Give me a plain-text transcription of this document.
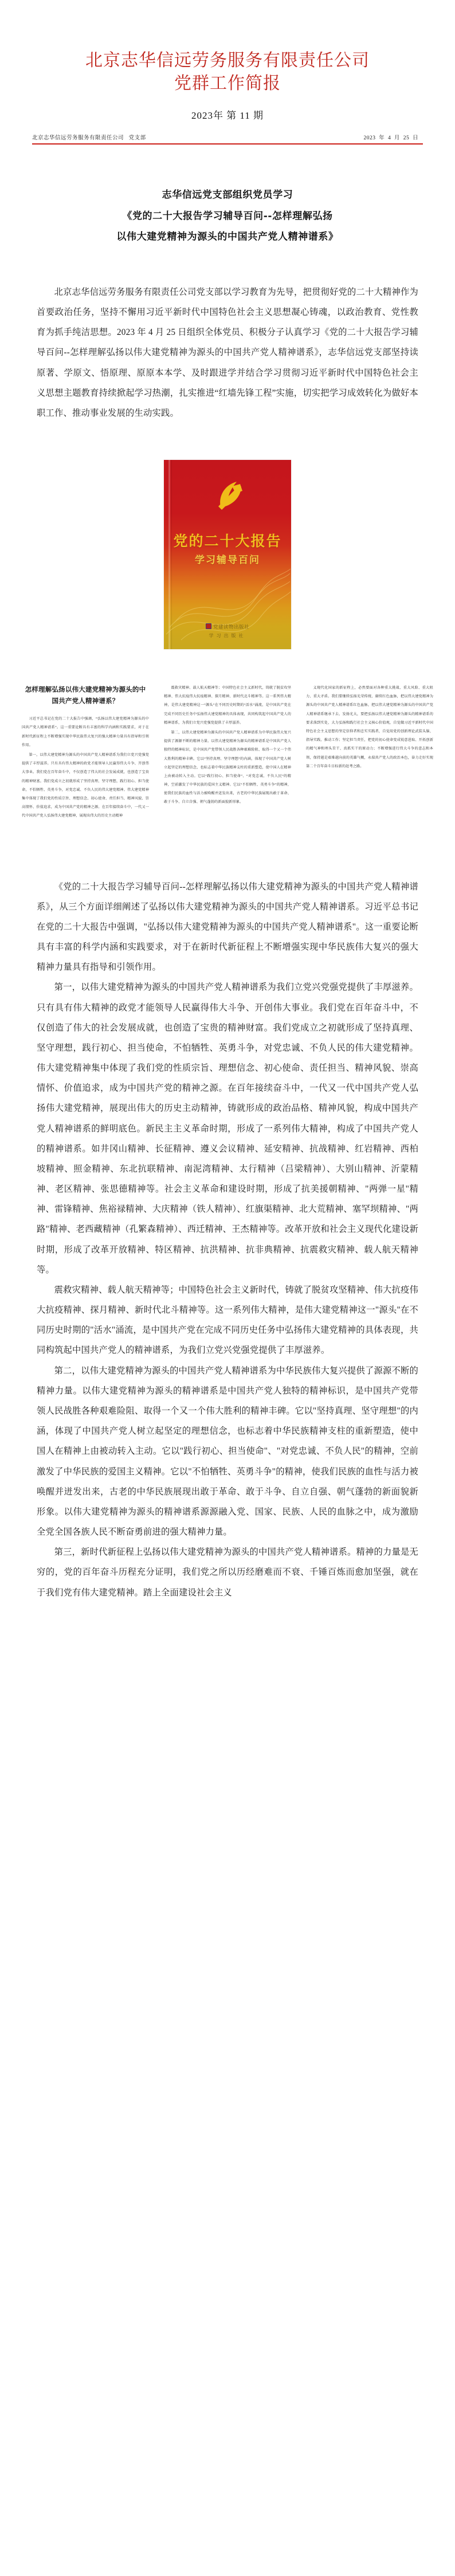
北京志华信远劳务服务有限责任公司
党群工作简报
2023年 第 11 期
北京志华信远劳务服务有限责任公司   党支部	2023  年  4  月  25  日
志华信远党支部组织党员学习
《党的二十大报告学习辅导百问--怎样理解弘扬
以伟大建党精神为源头的中国共产党人精神谱系》

北京志华信远劳务服务有限责任公司党支部以学习教育为先导，把贯彻好党的二十大精神作为首要政治任务，坚持不懈用习近平新时代中国特色社会主义思想凝心铸魂，以政治教育、党性教育为抓手纯洁思想。2023 年 4 月 25 日组织全体党员、积极分子认真学习《党的二十大报告学习辅导百问--怎样理解弘扬以伟大建党精神为源头的中国共产党人精神谱系》，志华信远党支部坚持读原著、学原文、悟原理、原原本本学、及时跟进学并结合学习贯彻习近平新时代中国特色社会主义思想主题教育持续掀起学习热潮，扎实推进“红墙先锋工程”实施，切实把学习成效转化为做好本职工作、推动事业发展的生动实践。

党的二十大报告
学习辅导百问
党建读物出版社
学习出版社
怎样理解弘扬以伟大建党精神为源头的中国共产党人精神谱系？

习近平总书记在党的二十大报告中强调，“弘扬以伟大建党精神为源头的中国共产党人精神谱系”。这一重要论断具有丰富的科学内涵和实践要求，对于在新时代新征程上不断增强实现中华民族伟大复兴的强大精神力量具有指导和引领作用。

第一，以伟大建党精神为源头的中国共产党人精神谱系为我们立党兴党强党提供了丰厚滋养。只有具有伟大精神的政党才能领导人民赢得伟大斗争、开创伟大事业。我们党在百年奋斗中，不仅创造了伟大的社会发展成就，也创造了宝贵的精神财富。我们党成立之初就形成了坚持真理、坚守理想，践行初心、担当使命，不怕牺牲、英勇斗争，对党忠诚、不负人民的伟大建党精神。伟大建党精神集中体现了我们党的性质宗旨、理想信念、初心使命、责任担当、精神风貌、崇高情怀、价值追求，成为中国共产党的精神之源。在百年接续奋斗中，一代又一代中国共产党人弘扬伟大建党精神，展现出伟大的历史主动精神

震救灾精神、载人航天精神等；中国特色社会主义新时代，铸就了脱贫攻坚精神、伟大抗疫伟大抗疫精神、探月精神、新时代北斗精神等。这一系列伟大精神，是伟大建党精神这一“源头”在不同历史时期的“活水”涌流，是中国共产党在完成不同历史任务中弘扬伟大建党精神的具体表现，共同构筑起中国共产党人的精神谱系，为我们立党兴党强党提供了丰厚滋养。

第二，以伟大建党精神为源头的中国共产党人精神谱系为中华民族伟大复兴提供了源源不断的精神力量。以伟大建党精神为源头的精神谱系是中国共产党人独特的精神标识，是中国共产党带领人民战胜各种艰难险阻、取得一个又一个伟大胜利的精神丰碑。它以“坚持真理、坚守理想”的内涵，体现了中国共产党人树立起坚定的理想信念，也标志着中华民族精神支柱的重新塑造，使中国人在精神上由被动转入主动。它以“践行初心、担当使命”、“对党忠诚、不负人民”的精神，空前激发了中华民族的爱国主义精神。它以“不怕牺牲、英勇斗争”的精神，使我们民族的血性与活力被唤醒并迸发出来，古老的中华民族展现出敢于革命、敢于斗争、自立自强、朝气蓬勃的新面貌新形象。

义现代化国家的新征程上，必然要面对各种重大挑战、重大风险、重大阻力、重大矛盾。我们要继续弘扬光荣传统、赓续红色血脉，把以伟大建党精神为源头的中国共产党人精神谱系红色血脉，把以伟大建党精神为源头的中国共产党人精神谱系继承下去、发扬光大，要把弘扬以伟大建党精神为源头的精神谱系的要求落到实处，大力弘扬和践行社会主义核心价值观，自觉做习近平新时代中国特色社会主义思想的坚定信仰者和忠实实践者，自觉用党的创新理论武装头脑、指导实践、推动工作；坚定担当责任，把党的初心使命变成锐意进取、开拓创新的精气神和埋头苦干、真抓实干的原动力；不断增强进行伟大斗争的意志和本领，保持越是艰难越向前的英雄气概，永葆共产党人的政治本色，奋力走好实现第二个百年奋斗目标新的赶考之路。

《党的二十大报告学习辅导百问--怎样理解弘扬以伟大建党精神为源头的中国共产党人精神谱系》，从三个方面详细阐述了弘扬以伟大建党精神为源头的中国共产党人精神谱系。习近平总书记在党的二十大报告中强调，"弘扬以伟大建党精神为源头的中国共产党人精神谱系"。这一重要论断具有丰富的科学内涵和实践要求，对于在新时代新征程上不断增强实现中华民族伟大复兴的强大精神力量具有指导和引领作用。

第一，以伟大建党精神为源头的中国共产党人精神谱系为我们立党兴党强党提供了丰厚滋养。只有具有伟大精神的政党才能领导人民赢得伟大斗争、开创伟大事业。我们党在百年奋斗中，不仅创造了伟大的社会发展成就，也创造了宝贵的精神财富。我们党成立之初就形成了坚持真理、坚守理想，践行初心、担当使命，不怕牺牲、英勇斗争，对党忠诚、不负人民的伟大建党精神。伟大建党精神集中体现了我们党的性质宗旨、理想信念、初心使命、责任担当、精神风貌、崇高情怀、价值追求，成为中国共产党的精神之源。在百年接续奋斗中，一代又一代中国共产党人弘扬伟大建党精神，展现出伟大的历史主动精神，铸就形成的政治品格、精神风貌，构成中国共产党人精神谱系的鲜明底色。新民主主义革命时期，形成了一系列伟大精神，构成了中国共产党人的精神谱系。如井冈山精神、长征精神、遵义会议精神、延安精神、抗战精神、红岩精神、西柏坡精神、照金精神、东北抗联精神、南泥湾精神、太行精神（吕梁精神）、大别山精神、沂蒙精神、老区精神、张思德精神等。社会主义革命和建设时期，形成了抗美援朝精神、"两弹一星"精神、雷锋精神、焦裕禄精神、大庆精神（铁人精神）、红旗渠精神、北大荒精神、塞罕坝精神、"两路"精神、老西藏精神（孔繁森精神）、西迁精神、王杰精神等。改革开放和社会主义现代化建设新时期，形成了改革开放精神、特区精神、抗洪精神、抗非典精神、抗震救灾精神、载人航天精神等。

震救灾精神、载人航天精神等；中国特色社会主义新时代，铸就了脱贫攻坚精神、伟大抗疫伟大抗疫精神、探月精神、新时代北斗精神等。这一系列伟大精神，是伟大建党精神这一"源头"在不同历史时期的"活水"涌流，是中国共产党在完成不同历史任务中弘扬伟大建党精神的具体表现，共同构筑起中国共产党人的精神谱系，为我们立党兴党强党提供了丰厚滋养。

第二，以伟大建党精神为源头的中国共产党人精神谱系为中华民族伟大复兴提供了源源不断的精神力量。以伟大建党精神为源头的精神谱系是中国共产党人独特的精神标识，是中国共产党带领人民战胜各种艰难险阻、取得一个又一个伟大胜利的精神丰碑。它以"坚持真理、坚守理想"的内涵，体现了中国共产党人树立起坚定的理想信念，也标志着中华民族精神支柱的重新塑造，使中国人在精神上由被动转入主动。它以"践行初心、担当使命"、"对党忠诚、不负人民"的精神，空前激发了中华民族的爱国主义精神。它以"不怕牺牲、英勇斗争"的精神，使我们民族的血性与活力被唤醒并迸发出来，古老的中华民族展现出敢于革命、敢于斗争、自立自强、朝气蓬勃的新面貌新形象。以伟大建党精神为源头的精神谱系源源融入党、国家、民族、人民的血脉之中，成为激励全党全国各族人民不断奋勇前进的强大精神力量。

第三，新时代新征程上弘扬以伟大建党精神为源头的中国共产党人精神谱系。精神的力量是无穷的，党的百年奋斗历程充分证明，我们党之所以历经磨难而不衰、千锤百炼而愈加坚强，就在于我们党有伟大建党精神。踏上全面建设社会主义
